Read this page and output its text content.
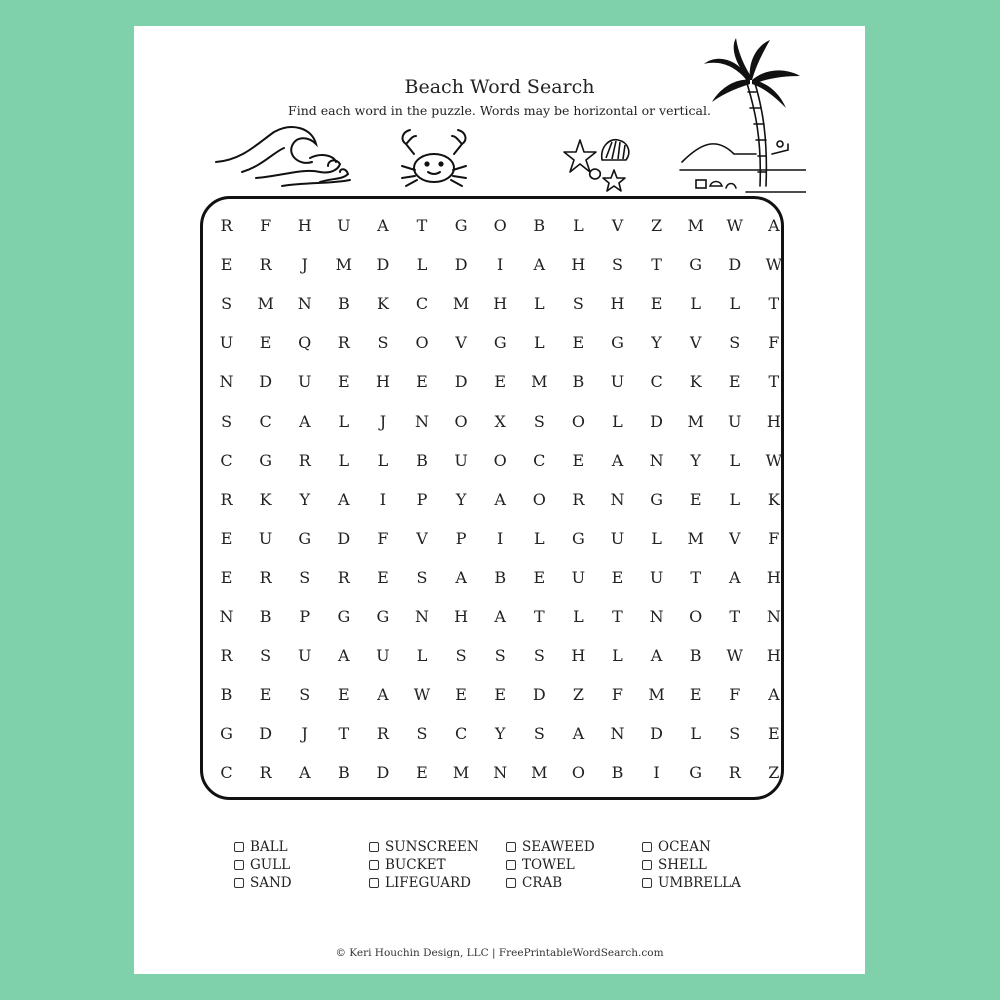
Beach Word Search
Find each word in the puzzle. Words may be horizontal or vertical.
R	F	H	U	A	T	G	O	B	L	V	Z	M	W	A
E	R	J	M	D	L	D	I	A	H	S	T	G	D	W
S	M	N	B	K	C	M	H	L	S	H	E	L	L	T
U	E	Q	R	S	O	V	G	L	E	G	Y	V	S	F
N	D	U	E	H	E	D	E	M	B	U	C	K	E	T
S	C	A	L	J	N	O	X	S	O	L	D	M	U	H
C	G	R	L	L	B	U	O	C	E	A	N	Y	L	W
R	K	Y	A	I	P	Y	A	O	R	N	G	E	L	K
E	U	G	D	F	V	P	I	L	G	U	L	M	V	F
E	R	S	R	E	S	A	B	E	U	E	U	T	A	H
N	B	P	G	G	N	H	A	T	L	T	N	O	T	N
R	S	U	A	U	L	S	S	S	H	L	A	B	W	H
B	E	S	E	A	W	E	E	D	Z	F	M	E	F	A
G	D	J	T	R	S	C	Y	S	A	N	D	L	S	E
C	R	A	B	D	E	M	N	M	O	B	I	G	R	Z
BALL	SUNSCREEN	SEAWEED	OCEAN
GULL	BUCKET	TOWEL	SHELL
SAND	LIFEGUARD	CRAB	UMBRELLA
© Keri Houchin Design, LLC | FreePrintableWordSearch.com
